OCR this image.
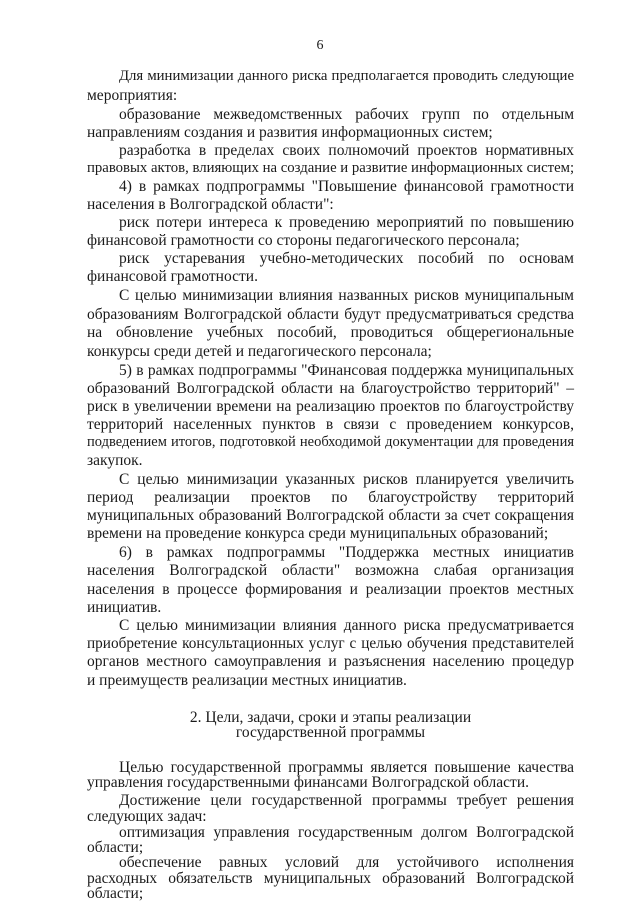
6
Для минимизации данного риска предполагается проводить следующие
мероприятия:
образование межведомственных рабочих групп по отдельным
направлениям создания и развития информационных систем;
разработка в пределах своих полномочий проектов нормативных
правовых актов, влияющих на создание и развитие информационных систем;
4) в рамках подпрограммы "Повышение финансовой грамотности
населения в Волгоградской области":
риск потери интереса к проведению мероприятий по повышению
финансовой грамотности со стороны педагогического персонала;
риск устаревания учебно-методических пособий по основам
финансовой грамотности.
С целью минимизации влияния названных рисков муниципальным
образованиям Волгоградской области будут предусматриваться средства
на обновление учебных пособий, проводиться общерегиональные
конкурсы среди детей и педагогического персонала;
5) в рамках подпрограммы "Финансовая поддержка муниципальных
образований Волгоградской области на благоустройство территорий" –
риск в увеличении времени на реализацию проектов по благоустройству
территорий населенных пунктов в связи с проведением конкурсов,
подведением итогов, подготовкой необходимой документации для проведения
закупок.
С целью минимизации указанных рисков планируется увеличить
период реализации проектов по благоустройству территорий
муниципальных образований Волгоградской области за счет сокращения
времени на проведение конкурса среди муниципальных образований;
6) в рамках подпрограммы "Поддержка местных инициатив
населения Волгоградской области" возможна слабая организация
населения в процессе формирования и реализации проектов местных
инициатив.
С целью минимизации влияния данного риска предусматривается
приобретение консультационных услуг с целью обучения представителей
органов местного самоуправления и разъяснения населению процедур
и преимуществ реализации местных инициатив.
2. Цели, задачи, сроки и этапы реализации
государственной программы
Целью государственной программы является повышение качества
управления государственными финансами Волгоградской области.
Достижение цели государственной программы требует решения
следующих задач:
оптимизация управления государственным долгом Волгоградской
области;
обеспечение равных условий для устойчивого исполнения
расходных обязательств муниципальных образований Волгоградской
области;
